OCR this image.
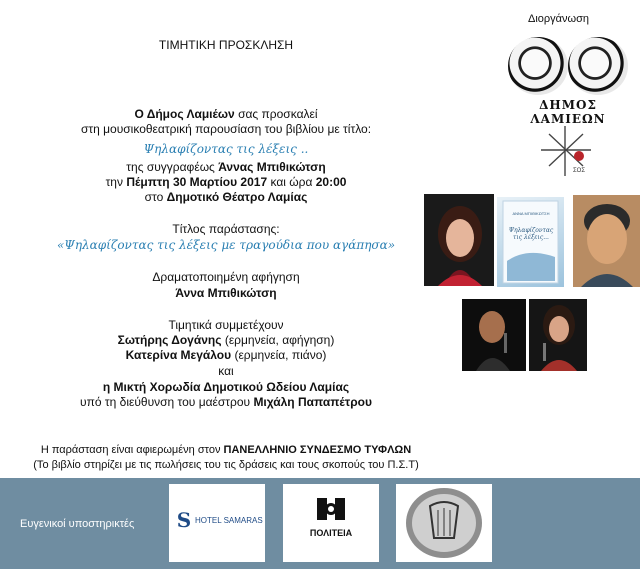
ΤΙΜΗΤΙΚΗ ΠΡΟΣΚΛΗΣΗ
Ο Δήμος Λαμιέων σας προσκαλεί
στη μουσικοθεατρική παρουσίαση του βιβλίου με τίτλο:
Ψηλαφίζοντας τις λέξεις ..
της συγγραφέως Άννας Μπιθικώτση
την Πέμπτη 30 Μαρτίου 2017 και ώρα 20:00
στο Δημοτικό Θέατρο Λαμίας
Τίτλος παράστασης:
«Ψηλαφίζοντας τις λέξεις με τραγούδια που αγάπησα»
Δραματοποιημένη αφήγηση
Άννα Μπιθικώτση
Τιμητικά συμμετέχουν
Σωτήρης Δογάνης (ερμηνεία, αφήγηση)
Κατερίνα Μεγάλου (ερμηνεία, πιάνο)
και
η Μικτή Χορωδία Δημοτικού Ωδείου Λαμίας
υπό τη διεύθυνση του μαέστρου Μιχάλη Παπαπέτρου
Η παράσταση είναι αφιερωμένη στον ΠΑΝΕΛΛΗΝΙΟ ΣΥΝΔΕΣΜΟ ΤΥΦΛΩΝ
(Το βιβλίο στηρίζει με τις πωλήσεις του τις δράσεις και τους σκοπούς του Π.Σ.Τ)
Διοργάνωση
ΔΗΜΟΣ ΛΑΜΙΕΩΝ
ΣΟΣ
ΑΝΝΑ ΜΠΙΘΙΚΩΤΣΗ
Ψηλαφίζοντας τις λέξεις...
Ευγενικοί υποστηρικτές S HOTEL SAMARAS
ΠΟΛΙΤΕΙΑ
